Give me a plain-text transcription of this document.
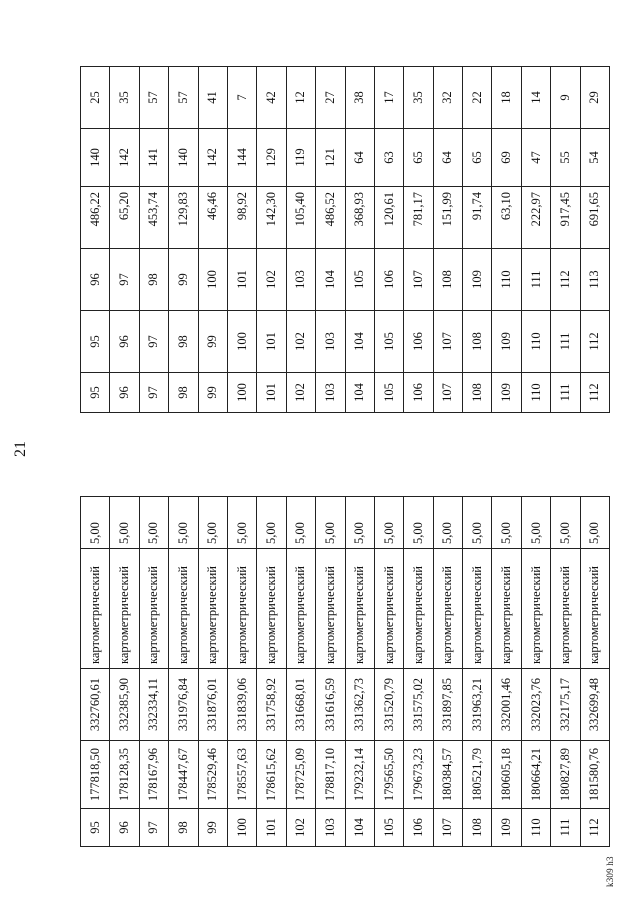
21
95	177818,50	332760,61	картометрический	5,00
96	178128,35	332385,90	картометрический	5,00
97	178167,96	332334,11	картометрический	5,00
98	178447,67	331976,84	картометрический	5,00
99	178529,46	331876,01	картометрический	5,00
100	178557,63	331839,06	картометрический	5,00
101	178615,62	331758,92	картометрический	5,00
102	178725,09	331668,01	картометрический	5,00
103	178817,10	331616,59	картометрический	5,00
104	179232,14	331362,73	картометрический	5,00
105	179565,50	331520,79	картометрический	5,00
106	179673,23	331575,02	картометрический	5,00
107	180384,57	331897,85	картометрический	5,00
108	180521,79	331963,21	картометрический	5,00
109	180605,18	332001,46	картометрический	5,00
110	180664,21	332023,76	картометрический	5,00
111	180827,89	332175,17	картометрический	5,00
112	181580,76	332699,48	картометрический	5,00
95	95	96	486,22	140	25
96	96	97	65,20	142	35
97	97	98	453,74	141	57
98	98	99	129,83	140	57
99	99	100	46,46	142	41
100	100	101	98,92	144	7
101	101	102	142,30	129	42
102	102	103	105,40	119	12
103	103	104	486,52	121	27
104	104	105	368,93	64	38
105	105	106	120,61	63	17
106	106	107	781,17	65	35
107	107	108	151,99	64	32
108	108	109	91,74	65	22
109	109	110	63,10	69	18
110	110	111	222,97	47	14
111	111	112	917,45	55	9
112	112	113	691,65	54	29
k309 h3
